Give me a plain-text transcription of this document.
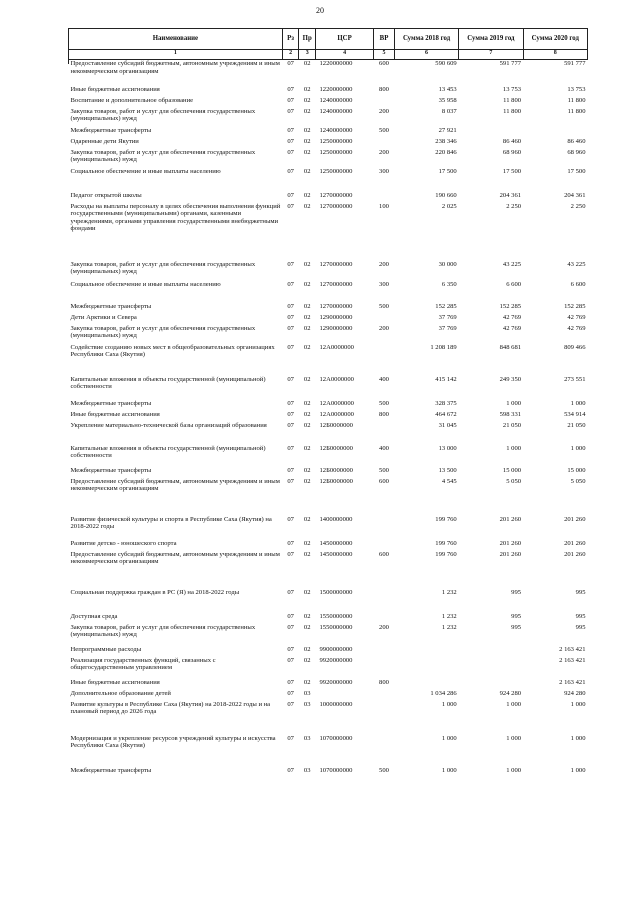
20
Наименование	Рз	Пр	ЦСР	ВР	Сумма 2018 год	Сумма 2019 год	Сумма 2020 год
1	2	3	4	5	6	7	8
Предоставление субсидий бюджетным, автономным учреждениям и иным некоммерческим организациям	07	02	1220000000	600	590 609	591 777	591 777
Иные бюджетные ассигнования	07	02	1220000000	800	13 453	13 753	13 753
Воспитание и дополнительное образование	07	02	1240000000		35 958	11 800	11 800
Закупка товаров, работ и услуг для обеспечения государственных (муниципальных) нужд	07	02	1240000000	200	8 037	11 800	11 800
Межбюджетные трансферты	07	02	1240000000	500	27 921		
Одаренные дети Якутии	07	02	1250000000		238 346	86 460	86 460
Закупка товаров, работ и услуг для обеспечения государственных (муниципальных) нужд	07	02	1250000000	200	220 846	68 960	68 960
Социальное обеспечение и иные выплаты населению	07	02	1250000000	300	17 500	17 500	17 500
Педагог открытой школы	07	02	1270000000		190 660	204 361	204 361
Расходы на выплаты персоналу в целях обеспечения выполнения функций государственными (муниципальными) органами, казенными учреждениями, органами управления государственными внебюджетными фондами	07	02	1270000000	100	2 025	2 250	2 250
Закупка товаров, работ и услуг для обеспечения государственных (муниципальных) нужд	07	02	1270000000	200	30 000	43 225	43 225
Социальное обеспечение и иные выплаты населению	07	02	1270000000	300	6 350	6 600	6 600
Межбюджетные трансферты	07	02	1270000000	500	152 285	152 285	152 285
Дети Арктики и Севера	07	02	1290000000		37 769	42 769	42 769
Закупка товаров, работ и услуг для обеспечения государственных (муниципальных) нужд	07	02	1290000000	200	37 769	42 769	42 769
Содействие созданию новых мест в общеобразовательных организациях Республики Саха (Якутия)	07	02	12А0000000		1 208 189	848 681	809 466
Капитальные вложения в объекты государственной (муниципальной) собственности	07	02	12А0000000	400	415 142	249 350	273 551
Межбюджетные трансферты	07	02	12А0000000	500	328 375	1 000	1 000
Иные бюджетные ассигнования	07	02	12А0000000	800	464 672	598 331	534 914
Укрепление материально-технической базы организаций образования	07	02	12Б0000000		31 045	21 050	21 050
Капитальные вложения в объекты государственной (муниципальной) собственности	07	02	12Б0000000	400	13 000	1 000	1 000
Межбюджетные трансферты	07	02	12Б0000000	500	13 500	15 000	15 000
Предоставление субсидий бюджетным, автономным учреждениям и иным некоммерческим организациям	07	02	12Б0000000	600	4 545	5 050	5 050
Развитие физической культуры и спорта в Республике Саха (Якутия) на 2018-2022 годы	07	02	1400000000		199 760	201 260	201 260
Развитие детско - юношеского спорта	07	02	1450000000		199 760	201 260	201 260
Предоставление субсидий бюджетным, автономным учреждениям и иным некоммерческим организациям	07	02	1450000000	600	199 760	201 260	201 260
Социальная поддержка граждан в РС (Я) на 2018-2022 годы	07	02	1500000000		1 232	995	995
Доступная среда	07	02	1550000000		1 232	995	995
Закупка товаров, работ и услуг для обеспечения государственных (муниципальных) нужд	07	02	1550000000	200	1 232	995	995
Непрограммные расходы	07	02	9900000000				2 163 421
Реализация государственных функций, связанных с общегосударственным управлением	07	02	9920000000				2 163 421
Иные бюджетные ассигнования	07	02	9920000000	800			2 163 421
Дополнительное образование детей	07	03			1 034 286	924 280	924 280
Развитие культуры в Республике Саха (Якутия) на 2018-2022 годы и на плановый период до 2026 года	07	03	1000000000		1 000	1 000	1 000
Модернизация и укрепление ресурсов учреждений культуры и искусства Республики Саха (Якутия)	07	03	1070000000		1 000	1 000	1 000
Межбюджетные трансферты	07	03	1070000000	500	1 000	1 000	1 000
